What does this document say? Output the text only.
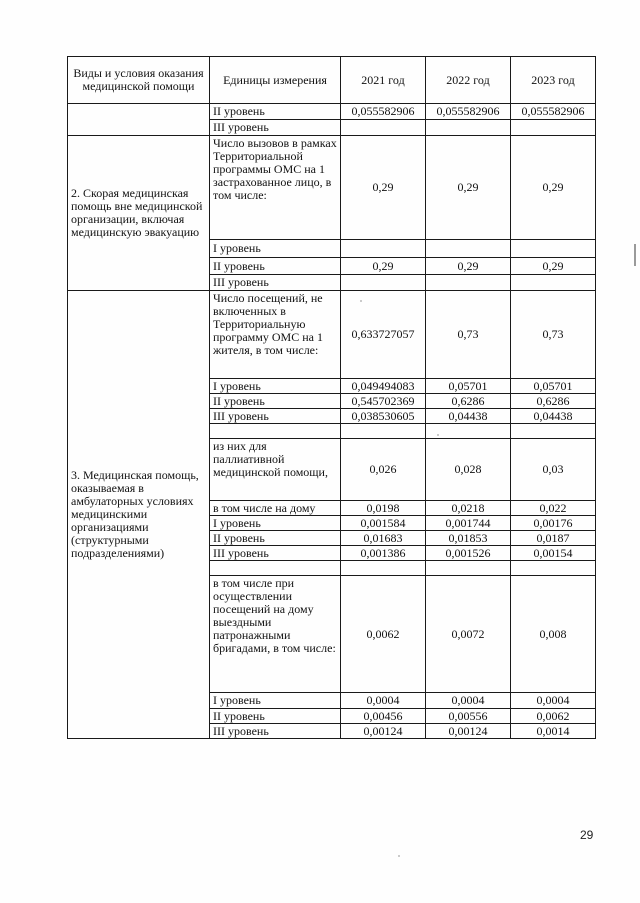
Виды и условия оказания медицинской помощи	Единицы измерения	2021 год	2022 год	2023 год
	II уровень	0,055582906	0,055582906	0,055582906
	III уровень			
2. Скорая медицинская помощь вне медицинской организации, включая медицинскую эвакуацию	Число вызовов в рамках Территориальной программы ОМС на 1 застрахованное лицо, в том числе:	0,29	0,29	0,29
	I уровень			
	II уровень	0,29	0,29	0,29
	III уровень			
3. Медицинская помощь, оказываемая в амбулаторных условиях медицинскими организациями (структурными подразделениями)	Число посещений, не включенных в Территориальную программу ОМС на 1 жителя, в том числе:	0,633727057	0,73	0,73
	I уровень	0,049494083	0,05701	0,05701
	II уровень	0,545702369	0,6286	0,6286
	III уровень	0,038530605	0,04438	0,04438

	из них для паллиативной медицинской помощи,	0,026	0,028	0,03
	в том числе на дому	0,0198	0,0218	0,022
	I уровень	0,001584	0,001744	0,00176
	II уровень	0,01683	0,01853	0,0187
	III уровень	0,001386	0,001526	0,00154

	в том числе при осуществлении посещений на дому выездными патронажными бригадами, в том числе:	0,0062	0,0072	0,008
	I уровень	0,0004	0,0004	0,0004
	II уровень	0,00456	0,00556	0,0062
	III уровень	0,00124	0,00124	0,0014
29
